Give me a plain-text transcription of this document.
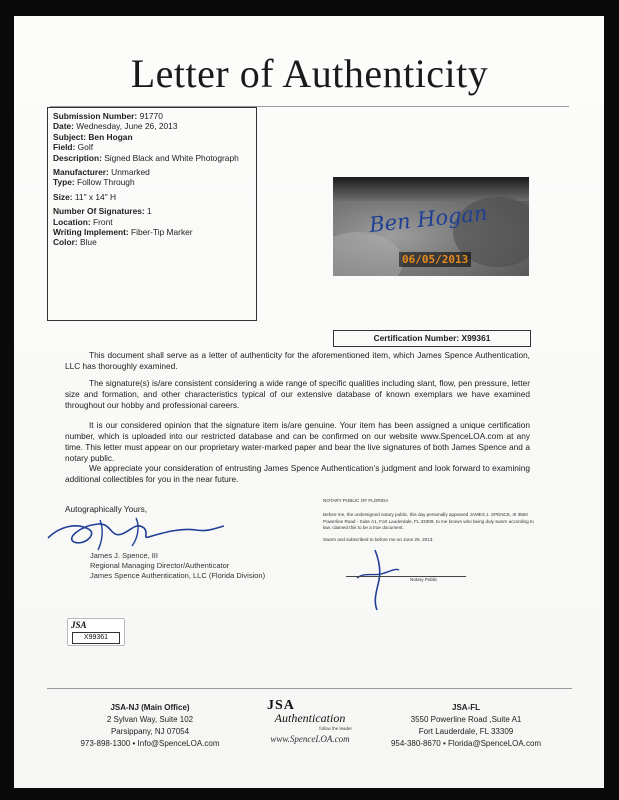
Letter of Authenticity

Submission Number: 91770

Date: Wednesday, June 26, 2013

Subject: Ben Hogan

Field: Golf

Description: Signed Black and White Photograph

Manufacturer: Unmarked

Type: Follow Through

Size: 11" x 14" H

Number Of Signatures: 1

Location: Front

Writing Implement: Fiber-Tip Marker

Color: Blue

Ben Hogan
06/05/2013
Certification Number: X99361
This document shall serve as a letter of authenticity for the aforementioned item, which James Spence Authentication, LLC has thoroughly examined.
The signature(s) is/are consistent considering a wide range of specific qualities including slant, flow, pen pressure, letter size and formation, and other characteristics typical of our extensive database of known exemplars we have examined throughout our hobby and professional careers.
It is our considered opinion that the signature item is/are genuine. Your item has been assigned a unique certification number, which is uploaded into our restricted database and can be confirmed on our website www.SpenceLOA.com at any time. This letter must appear on our proprietary water-marked paper and bear the live signatures of both James Spence and a notary public.
We appreciate your consideration of entrusting James Spence Authentication’s judgment and look forward to examining additional collectibles for you in the near future.
Autographically Yours,
James J. Spence, III
Regional Managing Director/Authenticator
James Spence Authentication, LLC (Florida Division)
NOTARY PUBLIC OF FLORIDA
Before me, the undersigned notary public, this day personally appeared JAMES J. SPENCE, III 3550 Powerline Road - Suite A1, Fort Lauderdale, FL 33309, to me known who being duly sworn according to law, claimed this to be a true document.
Sworn and subscribed to before me on June 26, 2013.
Notary Public
JSA
X99361
JSA-NJ (Main Office)
2 Sylvan Way, Suite 102
Parsippany, NJ 07054
973-898-1300 • Info@SpenceLOA.com
JSA
Authentication
follow the leader
www.SpenceLOA.com
JSA-FL
3550 Powerline Road ,Suite A1
Fort Lauderdale, FL 33309
954-380-8670 • Florida@SpenceLOA.com
